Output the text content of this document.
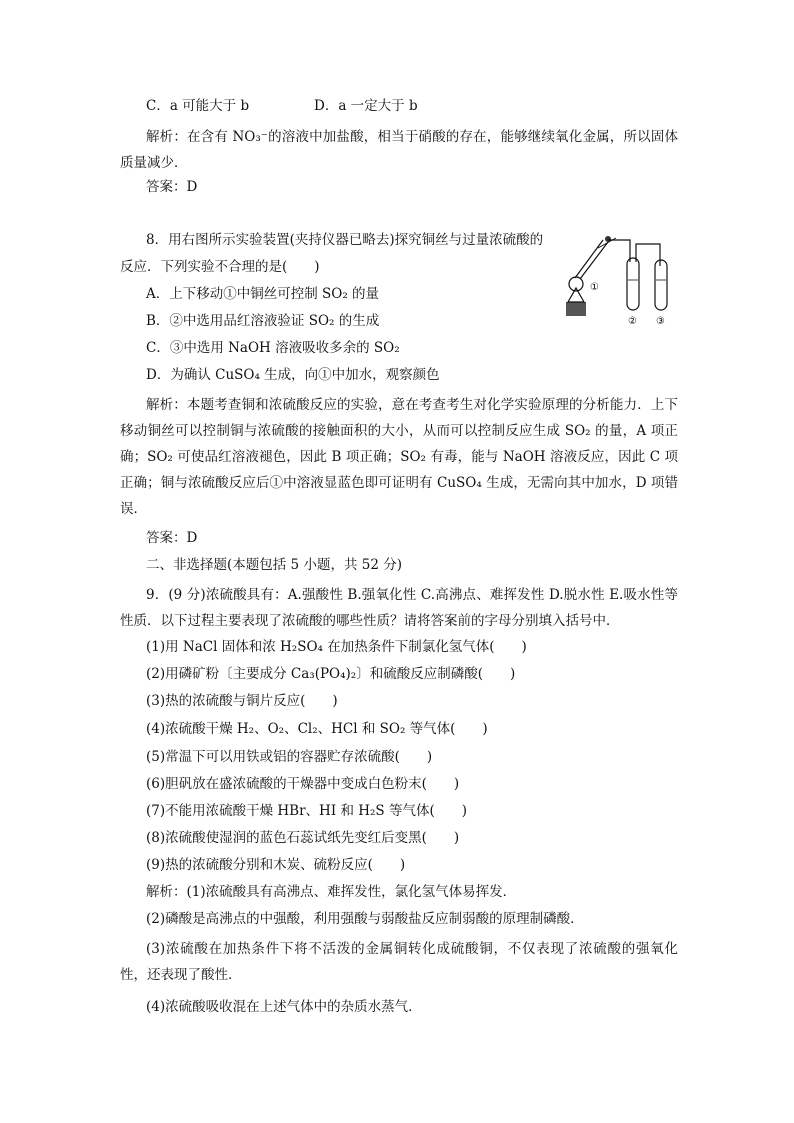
C．a 可能大于 b	D．a 一定大于 b
解析：在含有 NO₃⁻的溶液中加盐酸，相当于硝酸的存在，能够继续氧化金属，所以固体质量减少．
答案：D
8．用右图所示实验装置(夹持仪器已略去)探究铜丝与过量浓硫酸的
反应．下列实验不合理的是(　　)
A．上下移动①中铜丝可控制 SO₂ 的量
B．②中选用品红溶液验证 SO₂ 的生成
C．③中选用 NaOH 溶液吸收多余的 SO₂
D．为确认 CuSO₄ 生成，向①中加水，观察颜色
①
② ③
解析：本题考查铜和浓硫酸反应的实验，意在考查考生对化学实验原理的分析能力．上下移动铜丝可以控制铜与浓硫酸的接触面积的大小，从而可以控制反应生成 SO₂ 的量，A 项正确；SO₂ 可使品红溶液褪色，因此 B 项正确；SO₂ 有毒，能与 NaOH 溶液反应，因此 C 项正确；铜与浓硫酸反应后①中溶液显蓝色即可证明有 CuSO₄ 生成，无需向其中加水，D 项错误．
答案：D
二、非选择题(本题包括 5 小题，共 52 分)
9．(9 分)浓硫酸具有：A.强酸性 B.强氧化性 C.高沸点、难挥发性 D.脱水性 E.吸水性等性质．以下过程主要表现了浓硫酸的哪些性质？请将答案前的字母分别填入括号中．
(1)用 NaCl 固体和浓 H₂SO₄ 在加热条件下制氯化氢气体(　　)
(2)用磷矿粉〔主要成分 Ca₃(PO₄)₂〕和硫酸反应制磷酸(　　)
(3)热的浓硫酸与铜片反应(　　)
(4)浓硫酸干燥 H₂、O₂、Cl₂、HCl 和 SO₂ 等气体(　　)
(5)常温下可以用铁或铝的容器贮存浓硫酸(　　)
(6)胆矾放在盛浓硫酸的干燥器中变成白色粉末(　　)
(7)不能用浓硫酸干燥 HBr、HI 和 H₂S 等气体(　　)
(8)浓硫酸使湿润的蓝色石蕊试纸先变红后变黑(　　)
(9)热的浓硫酸分别和木炭、硫粉反应(　　)
解析：(1)浓硫酸具有高沸点、难挥发性，氯化氢气体易挥发．
(2)磷酸是高沸点的中强酸，利用强酸与弱酸盐反应制弱酸的原理制磷酸．
(3)浓硫酸在加热条件下将不活泼的金属铜转化成硫酸铜，不仅表现了浓硫酸的强氧化性，还表现了酸性．
(4)浓硫酸吸收混在上述气体中的杂质水蒸气．
